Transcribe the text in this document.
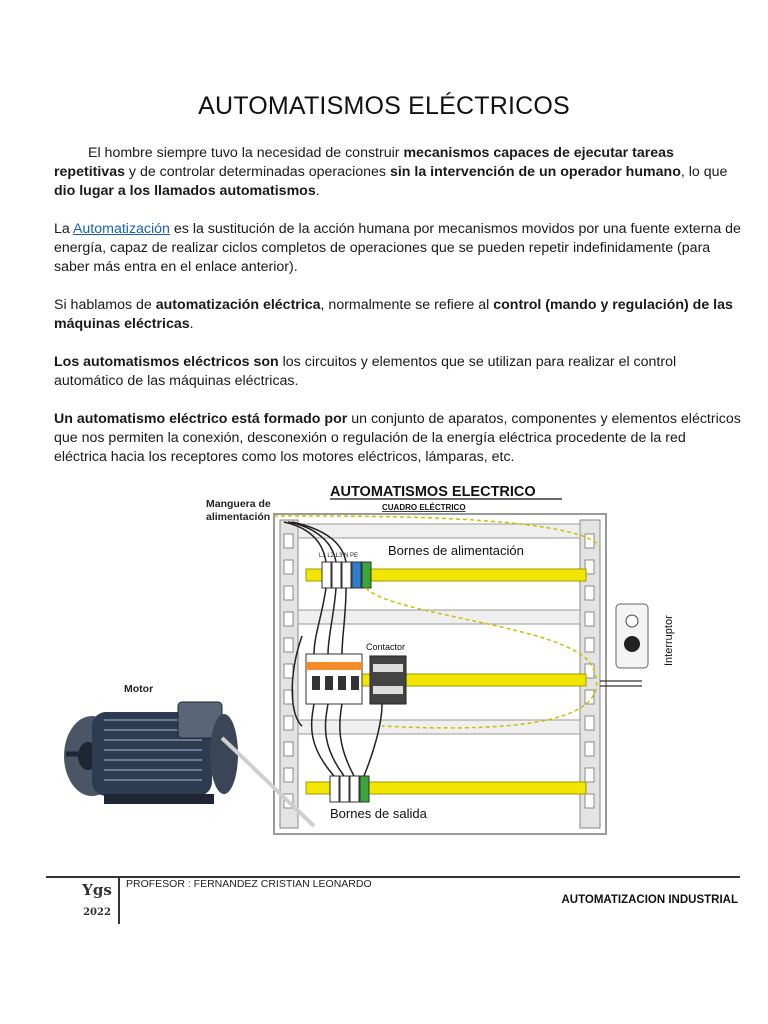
AUTOMATISMOS ELÉCTRICOS

El hombre siempre tuvo la necesidad de construir mecanismos capaces de ejecutar tareas repetitivas y de controlar determinadas operaciones sin la intervención de un operador humano, lo que dio lugar a los llamados automatismos.

La Automatización es la sustitución de la acción humana por mecanismos movidos por una fuente externa de energía, capaz de realizar ciclos completos de operaciones que se pueden repetir indefinidamente (para saber más entra en el enlace anterior).

Si hablamos de automatización eléctrica, normalmente se refiere al control (mando y regulación) de las máquinas eléctricas.

Los automatismos eléctricos son los circuitos y elementos que se utilizan para realizar el control automático de las máquinas eléctricas.

Un automatismo eléctrico está formado por un conjunto de aparatos, componentes y elementos eléctricos que nos permiten la conexión, desconexión o regulación de la energía eléctrica procedente de la red eléctrica hacia los receptores como los motores eléctricos, lámparas, etc.

AUTOMATISMOS ELECTRICO
CUADRO ELÉCTRICO
Manguera de
alimentación
L1 L2 L3 N PE Bornes de alimentación
Contactor
Bornes de salida
Interruptor
Motor
Ygs
2022
PROFESOR : FERNANDEZ CRISTIAN LEONARDO
AUTOMATIZACION INDUSTRIAL
